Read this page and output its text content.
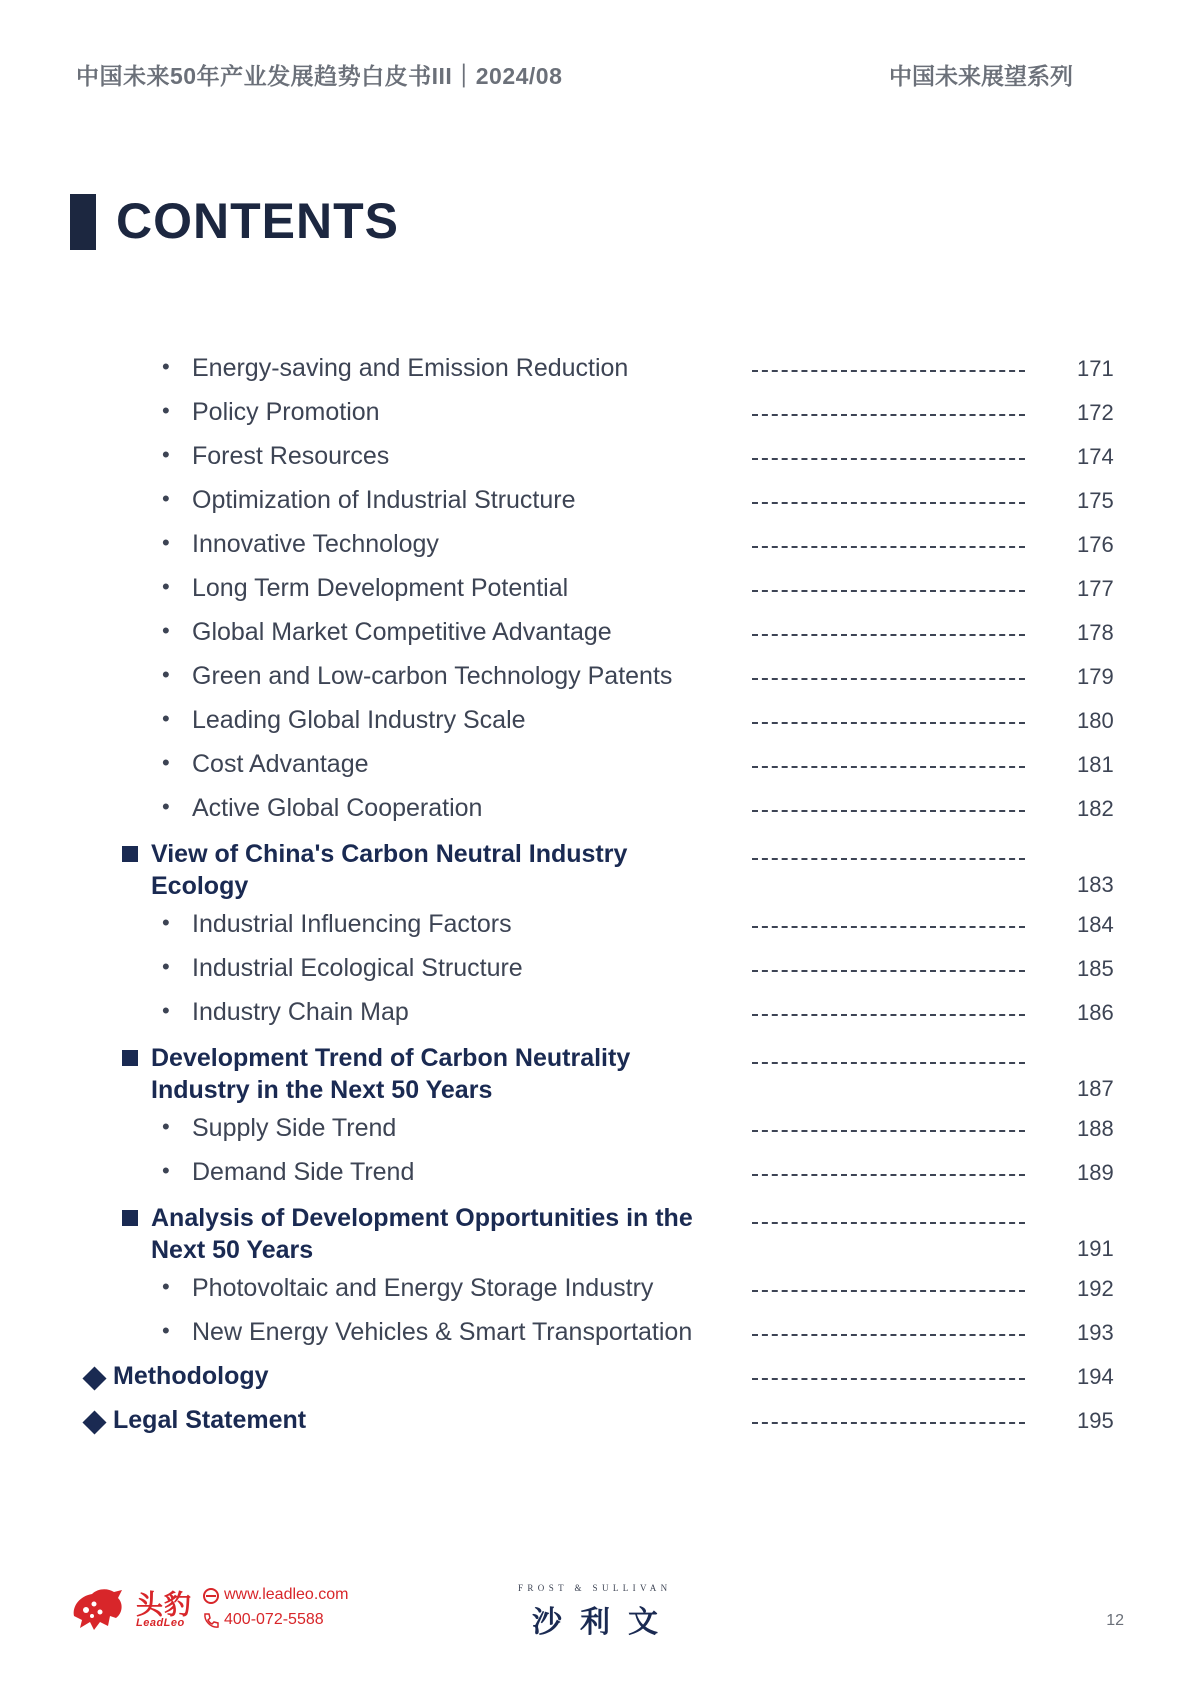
中国未来50年产业发展趋势白皮书III｜2024/08	中国未来展望系列
CONTENTS
• Energy-saving and Emission Reduction	171
• Policy Promotion	172
• Forest Resources	174
• Optimization of Industrial Structure	175
• Innovative Technology	176
• Long Term Development Potential	177
• Global Market Competitive Advantage	178
• Green and Low-carbon Technology Patents	179
• Leading Global Industry Scale	180
• Cost Advantage	181
• Active Global Cooperation	182
View of China's Carbon Neutral Industry
Ecology	183
• Industrial Influencing Factors	184
• Industrial Ecological Structure	185
• Industry Chain Map	186
Development Trend of Carbon Neutrality
Industry in the Next 50 Years	187
• Supply Side Trend	188
• Demand Side Trend	189
Analysis of Development Opportunities in the
Next 50 Years	191
• Photovoltaic and Energy Storage Industry	192
• New Energy Vehicles & Smart Transportation	193
Methodology	194
Legal Statement	195
头豹
LeadLeo
www.leadleo.com
400-072-5588
FROST & SULLIVAN
沙利文	12
